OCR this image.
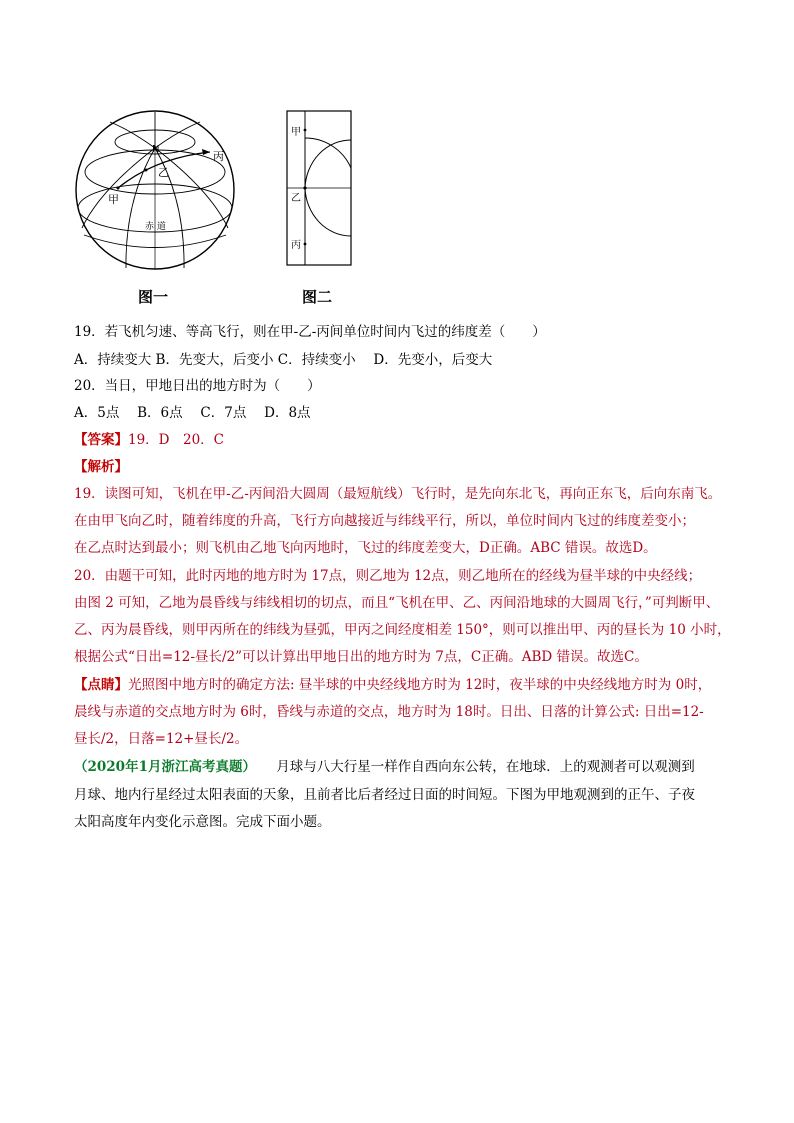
N
乙
丙
甲
赤 道
甲
乙
丙
图一	图二
19．若飞机匀速、等高飞行，则在甲-乙-丙间单位时间内飞过的纬度差（　　）
A．持续变大 B．先变大，后变小 C．持续变小　 D．先变小，后变大
20．当日，甲地日出的地方时为（　　）
A．5点　 B．6点　 C．7点　 D．8点
【答案】19．D　20．C
【解析】
19．读图可知，飞机在甲-乙-丙间沿大圆周（最短航线）飞行时，是先向东北飞，再向正东飞，后向东南飞。
在由甲飞向乙时，随着纬度的升高，飞行方向越接近与纬线平行，所以，单位时间内飞过的纬度差变小；
在乙点时达到最小；则飞机由乙地飞向丙地时，飞过的纬度差变大，D正确。ABC 错误。故选D。
20．由题干可知，此时丙地的地方时为 17点，则乙地为 12点，则乙地所在的经线为昼半球的中央经线；
由图 2 可知，乙地为晨昏线与纬线相切的切点，而且“飞机在甲、乙、丙间沿地球的大圆周飞行，”可判断甲、
乙、丙为晨昏线，则甲丙所在的纬线为昼弧，甲丙之间经度相差 150°，则可以推出甲、丙的昼长为 10 小时，
根据公式“日出=12-昼长/2”可以计算出甲地日出的地方时为 7点，C正确。ABD 错误。故选C。
【点睛】光照图中地方时的确定方法: 昼半球的中央经线地方时为 12时，夜半球的中央经线地方时为 0时，
晨线与赤道的交点地方时为 6时，昏线与赤道的交点，地方时为 18时。日出、日落的计算公式: 日出=12-
昼长/2，日落=12+昼长/2。
（2020年1月浙江高考真题）　　月球与八大行星一样作自西向东公转，在地球．上的观测者可以观测到
月球、地内行星经过太阳表面的天象，且前者比后者经过日面的时间短。下图为甲地观测到的正午、子夜
太阳高度年内变化示意图。完成下面小题。
